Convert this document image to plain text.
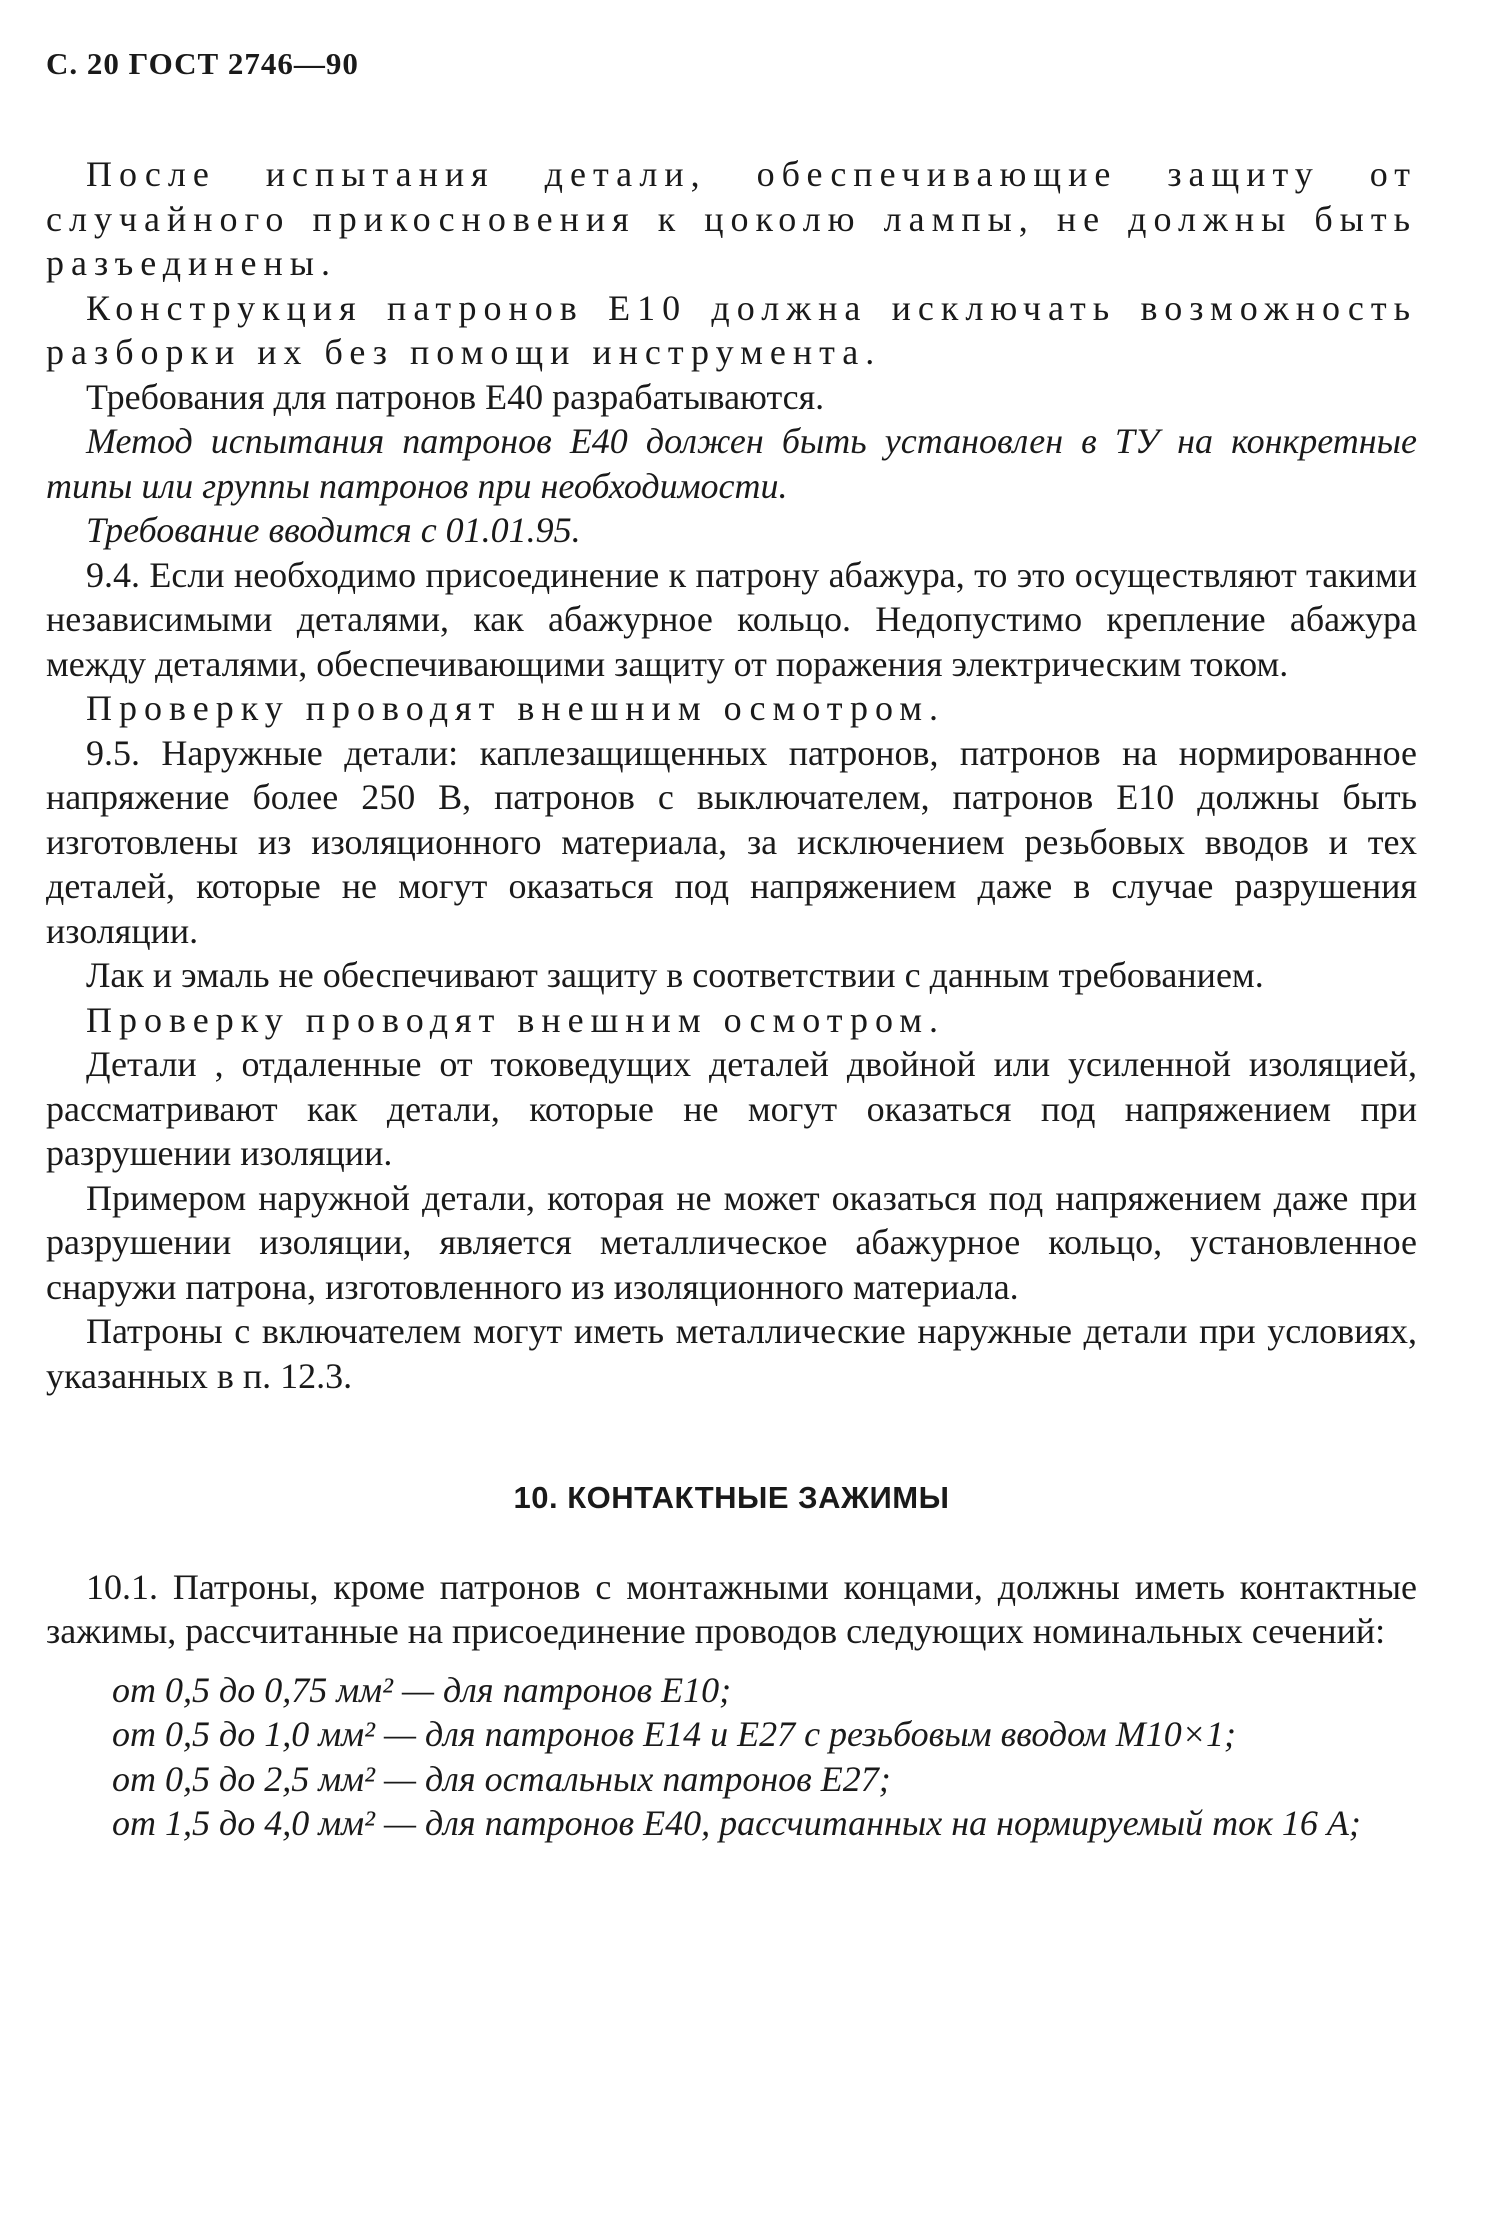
С. 20 ГОСТ 2746—90

После испытания детали, обеспечивающие защиту от случайного прикосновения к цоколю лампы, не должны быть разъединены.

Конструкция патронов Е10 должна исключать возможность разборки их без помощи инструмента.

Требования для патронов Е40 разрабатываются.

Метод испытания патронов Е40 должен быть установлен в ТУ на конкретные типы или группы патронов при необходимости.

Требование вводится с 01.01.95.

9.4. Если необходимо присоединение к патрону абажура, то это осуществляют такими независимыми деталями, как абажурное кольцо. Недопустимо крепление абажура между деталями, обеспечивающими защиту от поражения электрическим током.

Проверку проводят внешним осмотром.

9.5. Наружные детали: каплезащищенных патронов, патронов на нормированное напряжение более 250 В, патронов с выключателем, патронов Е10 должны быть изготовлены из изоляционного материала, за исключением резьбовых вводов и тех деталей, которые не могут оказаться под напряжением даже в случае разрушения изоляции.

Лак и эмаль не обеспечивают защиту в соответствии с данным требованием.

Проверку проводят внешним осмотром.

Детали , отдаленные от токоведущих деталей двойной или усиленной изоляцией, рассматривают как детали, которые не могут оказаться под напряжением при разрушении изоляции.

Примером наружной детали, которая не может оказаться под напряжением даже при разрушении изоляции, является металлическое абажурное кольцо, установленное снаружи патрона, изготовленного из изоляционного материала.

Патроны с включателем могут иметь металлические наружные детали при условиях, указанных в п. 12.3.

10. КОНТАКТНЫЕ ЗАЖИМЫ

10.1. Патроны, кроме патронов с монтажными концами, должны иметь контактные зажимы, рассчитанные на присоединение проводов следующих номинальных сечений:

от 0,5 до 0,75 мм² — для патронов Е10;

от 0,5 до 1,0 мм² — для патронов Е14 и Е27 с резьбовым вводом М10×1;

от 0,5 до 2,5 мм² — для остальных патронов Е27;

от 1,5 до 4,0 мм² — для патронов Е40, рассчитанных на нормируемый ток 16 А;
